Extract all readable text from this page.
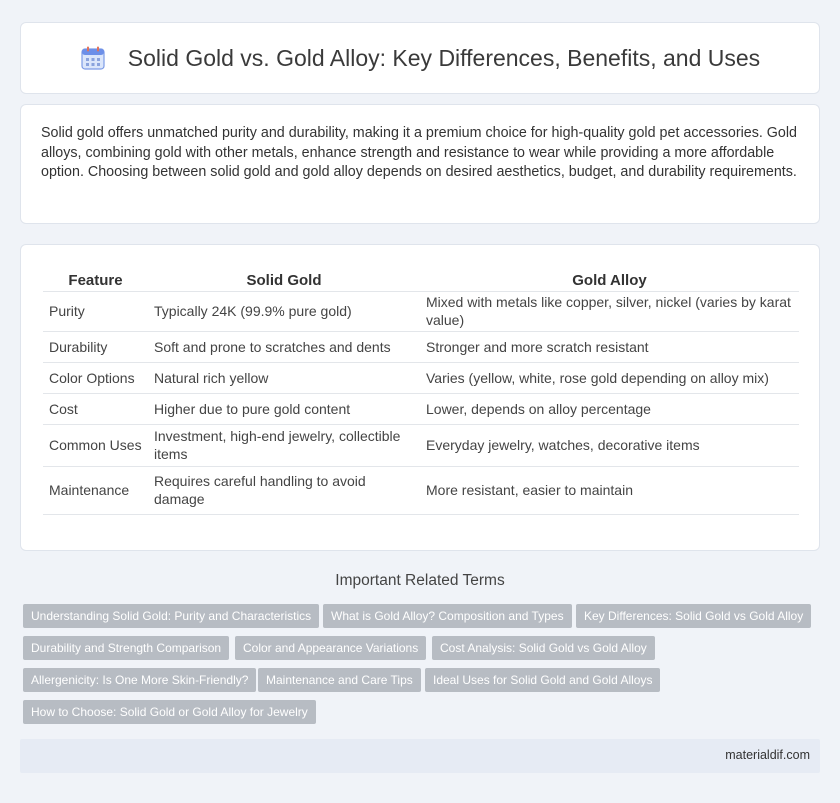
Solid Gold vs. Gold Alloy: Key Differences, Benefits, and Uses

Solid gold offers unmatched purity and durability, making it a premium choice for high-quality gold pet accessories. Gold alloys, combining gold with other metals, enhance strength and resistance to wear while providing a more affordable option. Choosing between solid gold and gold alloy depends on desired aesthetics, budget, and durability requirements.

Feature	Solid Gold	Gold Alloy
Purity	Typically 24K (99.9% pure gold)	Mixed with metals like copper, silver, nickel (varies by karat value)
Durability	Soft and prone to scratches and dents	Stronger and more scratch resistant
Color Options	Natural rich yellow	Varies (yellow, white, rose gold depending on alloy mix)
Cost	Higher due to pure gold content	Lower, depends on alloy percentage
Common Uses	Investment, high-end jewelry, collectible items	Everyday jewelry, watches, decorative items
Maintenance	Requires careful handling to avoid damage	More resistant, easier to maintain
Important Related Terms
Understanding Solid Gold: Purity and Characteristics	What is Gold Alloy? Composition and Types	Key Differences: Solid Gold vs Gold Alloy
Durability and Strength Comparison	Color and Appearance Variations	Cost Analysis: Solid Gold vs Gold Alloy
Allergenicity: Is One More Skin-Friendly?	Maintenance and Care Tips	Ideal Uses for Solid Gold and Gold Alloys
How to Choose: Solid Gold or Gold Alloy for Jewelry
materialdif.com
